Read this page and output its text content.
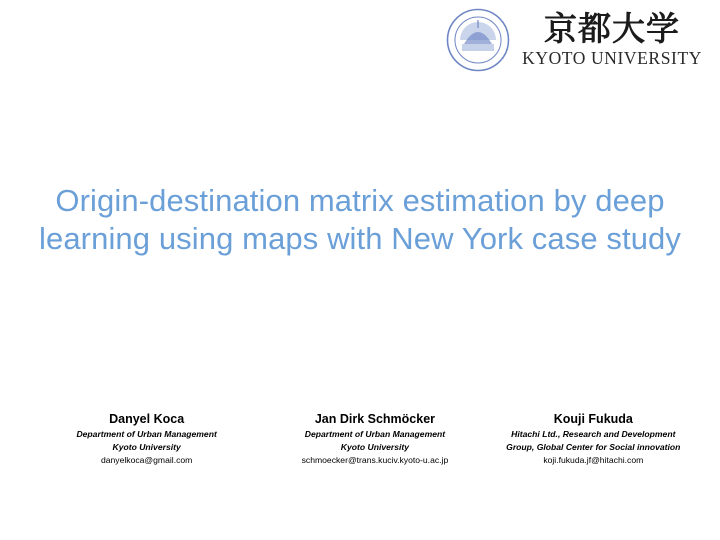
京都大学
KYOTO UNIVERSITY
Origin-destination matrix estimation by deep learning using maps with New York case study
Danyel Koca
Department of Urban Management
Kyoto University
danyelkoca@gmail.com
Jan Dirk Schmöcker
Department of Urban Management
Kyoto University
schmoecker@trans.kuciv.kyoto-u.ac.jp
Kouji Fukuda
Hitachi Ltd., Research and Development
Group, Global Center for Social innovation
koji.fukuda.jf@hitachi.com
